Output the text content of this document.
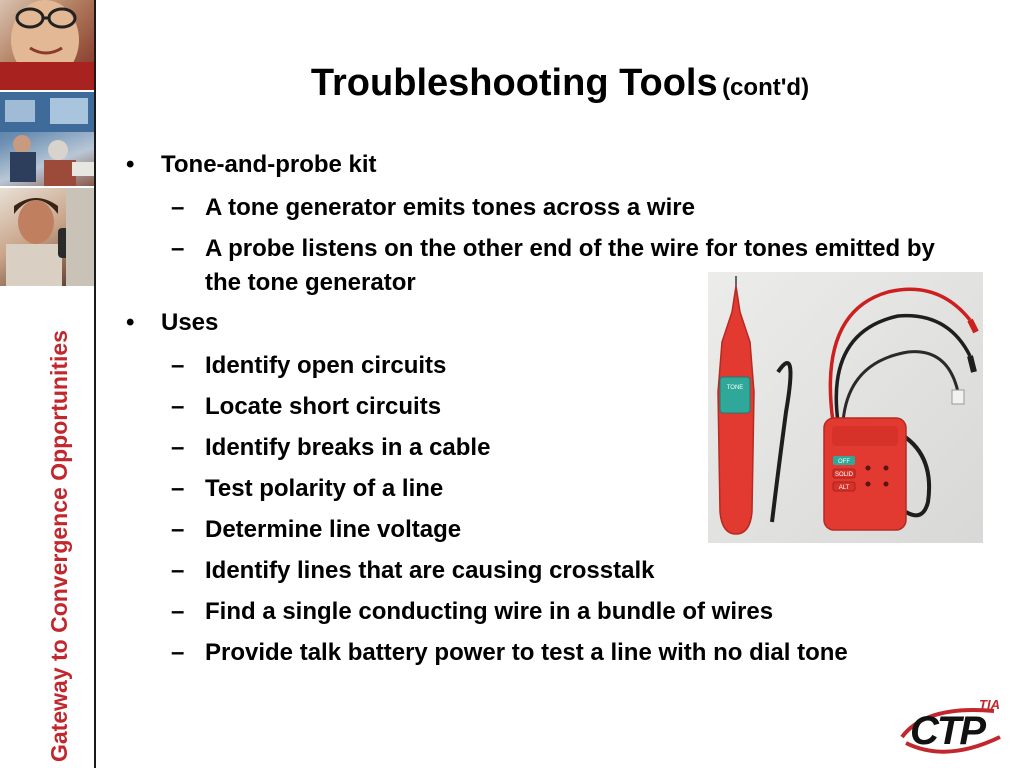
Gateway to Convergence Opportunities
Troubleshooting Tools (cont'd)
• Tone-and-probe kit
– A tone generator emits tones across a wire
– A probe listens on the other end of the wire for tones emitted by the tone generator
• Uses
– Identify open circuits
– Locate short circuits
– Identify breaks in a cable
– Test polarity of a line
– Determine line voltage
– Identify lines that are causing crosstalk
– Find a single conducting wire in a bundle of wires
– Provide talk battery power to test a line with no dial tone
TONE
OFF
SOLID
ALT
TIA
CTP
